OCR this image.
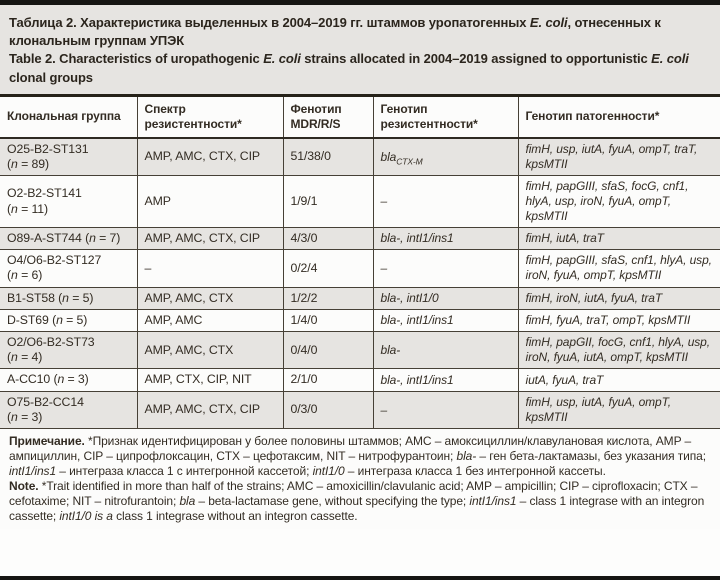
Таблица 2. Характеристика выделенных в 2004–2019 гг. штаммов уропатогенных E. coli, отнесенных к клональным группам УПЭК
Table 2. Characteristics of uropathogenic E. coli strains allocated in 2004–2019 assigned to opportunistic E. coli clonal groups
Клональная группа	Спектр резистентности*	Фенотип MDR/R/S	Генотип резистентности*	Генотип патогенности*
O25-B2-ST131
(n = 89)	AMP, AMC, CTX, CIP	51/38/0	bla$_{CTX-M}$	fimH, usp, iutA, fyuA, ompT, traT, kpsMTII
O2-B2-ST141
(n = 11)	AMP	1/9/1	–	fimH, papGIII, sfaS, focG, cnf1, hlyA, usp, iroN, fyuA, ompT, kpsMTII
O89-A-ST744 (n = 7)	AMP, AMC, CTX, CIP	4/3/0	bla-, intI1/ins1	fimH, iutA, traT
O4/O6-B2-ST127
(n = 6)	–	0/2/4	–	fimH, papGIII, sfaS, cnf1, hlyA, usp, iroN, fyuA, ompT, kpsMTII
B1-ST58 (n = 5)	AMP, AMC, CTX	1/2/2	bla-, intI1/0	fimH, iroN, iutA, fyuA, traT
D-ST69 (n = 5)	AMP, AMC	1/4/0	bla-, intI1/ins1	fimH, fyuA, traT, ompT, kpsMTII
O2/O6-B2-ST73
(n = 4)	AMP, AMC, CTX	0/4/0	bla-	fimH, papGII, focG, cnf1, hlyA, usp, iroN, fyuA, iutA, ompT, kpsMTII
A-CC10 (n = 3)	AMP, CTX, CIP, NIT	2/1/0	bla-, intI1/ins1	iutA, fyuA, traT
O75-B2-CC14
(n = 3)	AMP, AMC, CTX, CIP	0/3/0	–	fimH, usp, iutA, fyuA, ompT, kpsMTII
Примечание. *Признак идентифицирован у более половины штаммов; AMC – амоксициллин/клавулановая кислота, AMP – ампициллин, CIP – ципрофлоксацин, CTX – цефотаксим, NIT – нитрофурантоин; bla- – ген бета-лактамазы, без указания типа; intI1/ins1 – интеграза класса 1 с интегронной кассетой; intI1/0 – интеграза класса 1 без интегронной кассеты.
Note. *Trait identified in more than half of the strains; AMC – amoxicillin/clavulanic acid; AMP – ampicillin; CIP – ciprofloxacin; CTX – cefotaxime; NIT – nitrofurantoin; bla – beta-lactamase gene, without specifying the type; intI1/ins1 – class 1 integrase with an integron cassette; intI1/0 is a class 1 integrase without an integron cassette.
